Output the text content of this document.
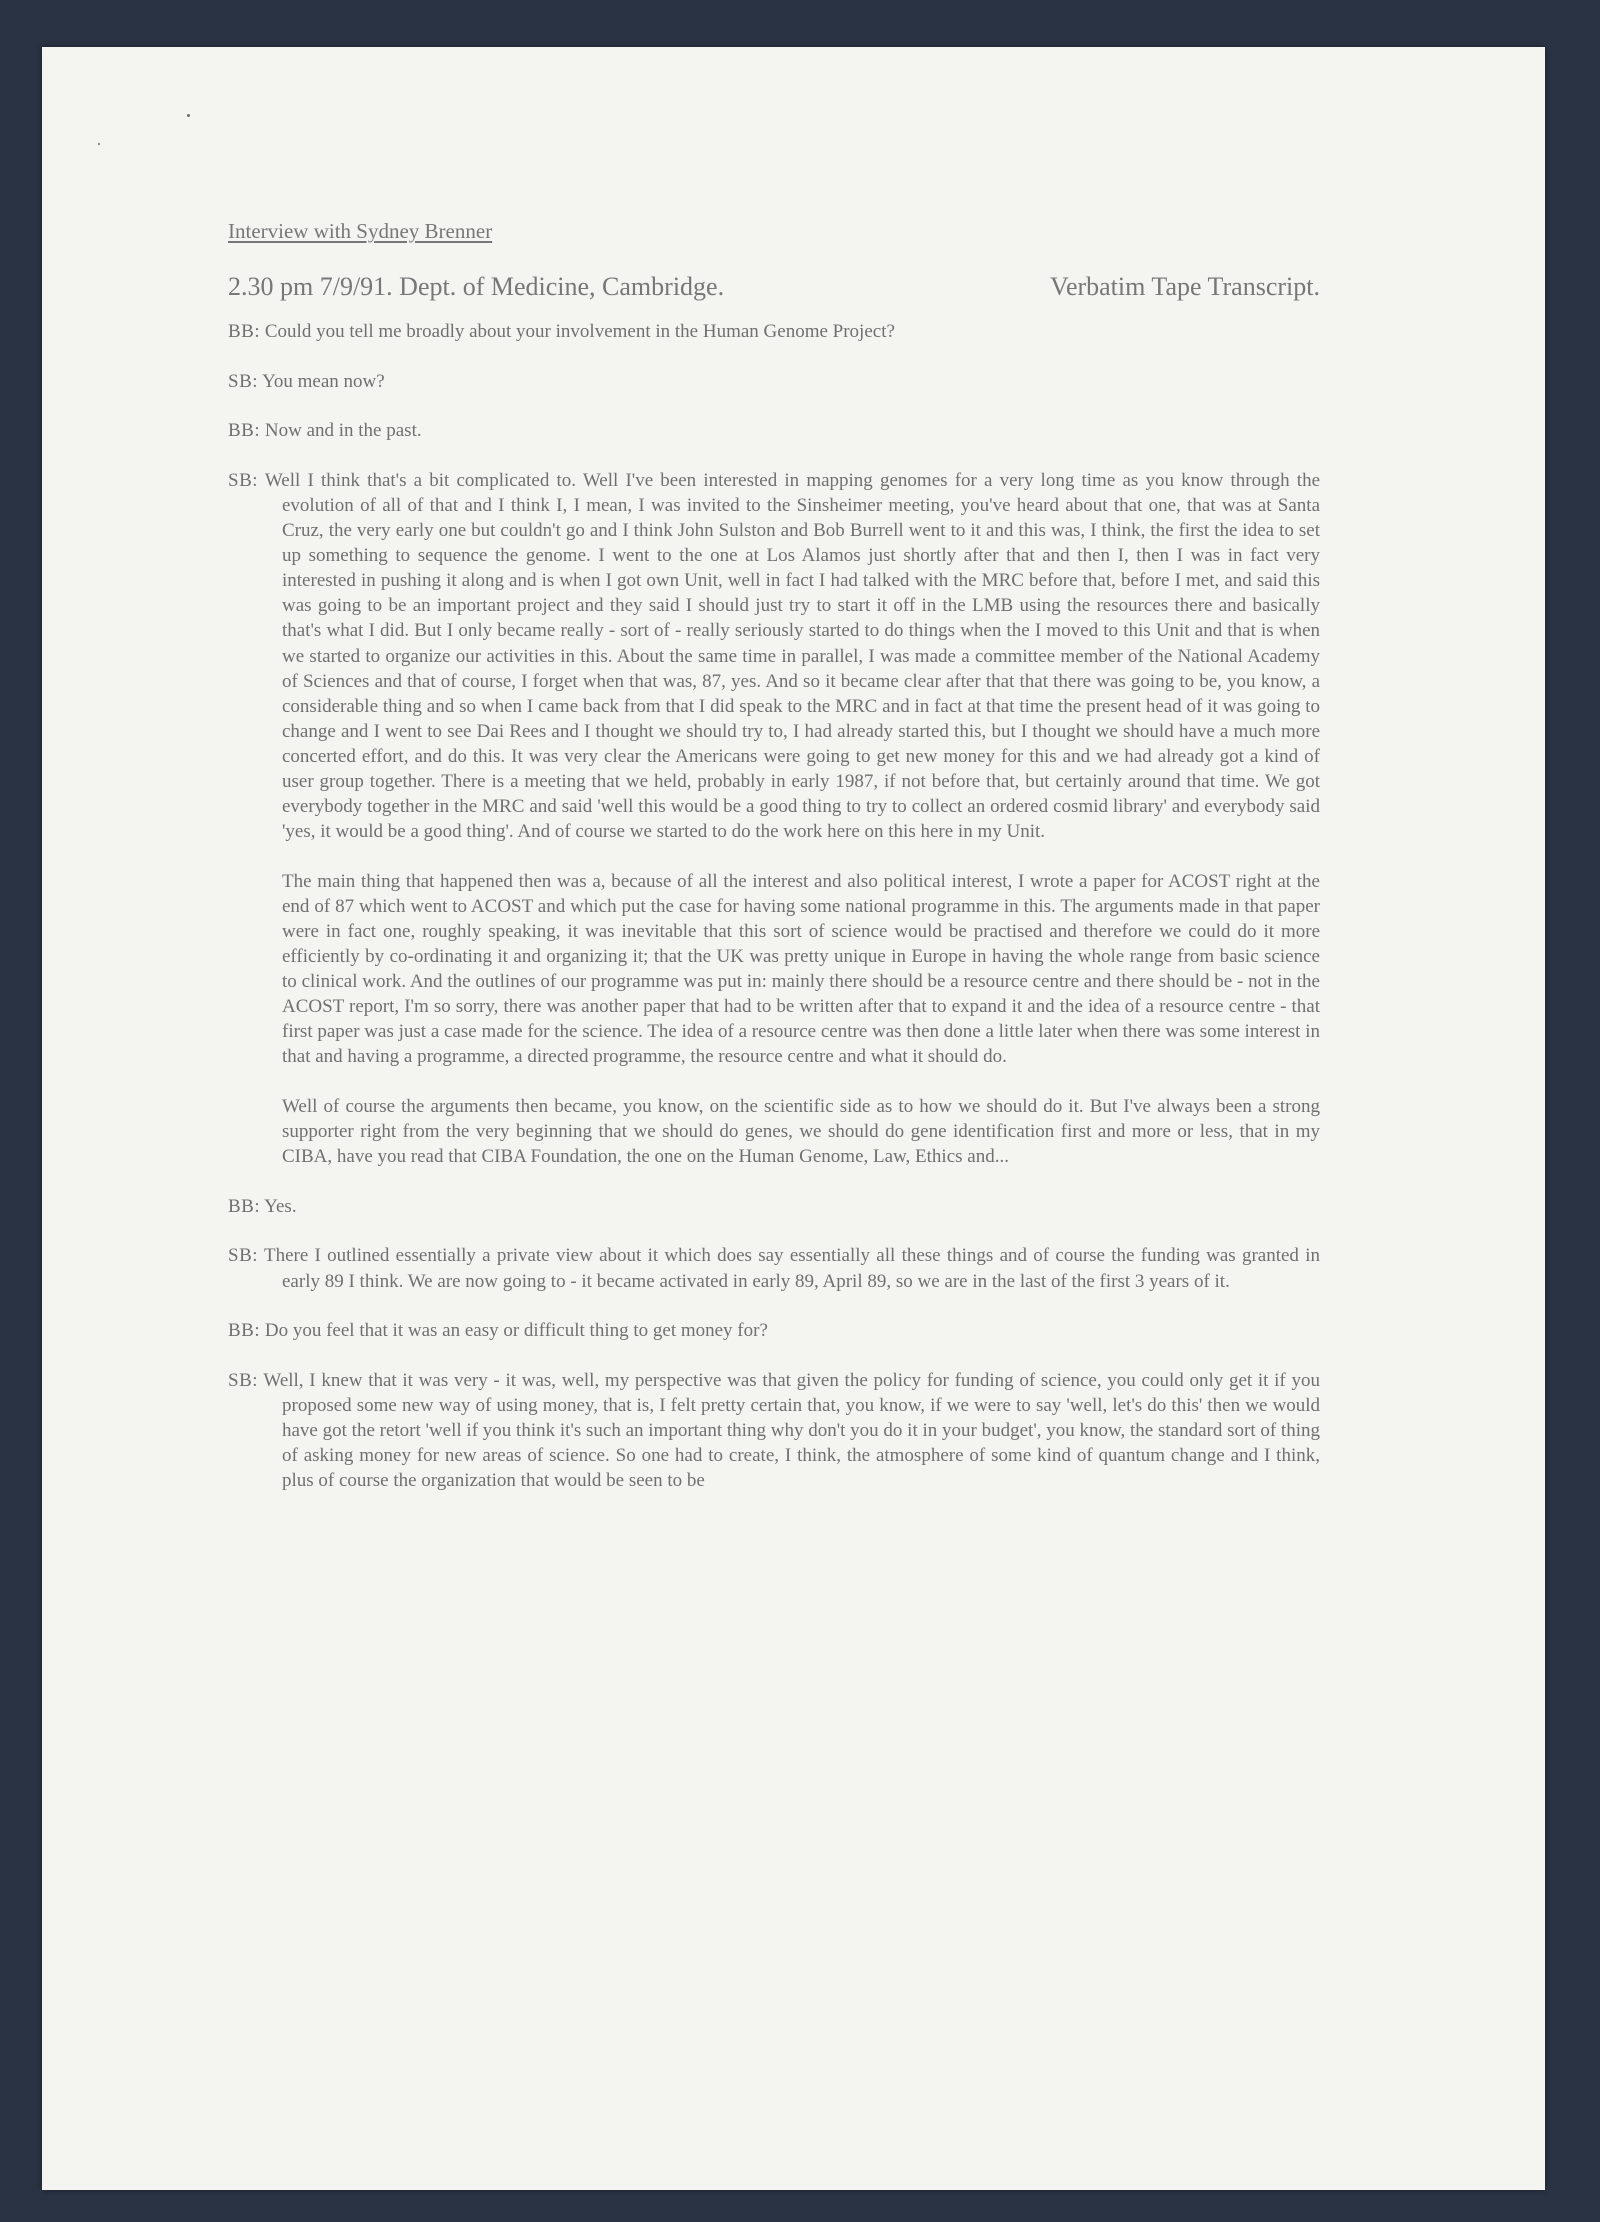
Interview with Sydney Brenner
2.30 pm 7/9/91. Dept. of Medicine, Cambridge.	Verbatim Tape Transcript.

BB: Could you tell me broadly about your involvement in the Human Genome Project?

SB: You mean now?

BB: Now and in the past.

SB: Well I think that's a bit complicated to. Well I've been interested in mapping genomes for a very long time as you know through the evolution of all of that and I think I, I mean, I was invited to the Sinsheimer meeting, you've heard about that one, that was at Santa Cruz, the very early one but couldn't go and I think John Sulston and Bob Burrell went to it and this was, I think, the first the idea to set up something to sequence the genome. I went to the one at Los Alamos just shortly after that and then I, then I was in fact very interested in pushing it along and is when I got own Unit, well in fact I had talked with the MRC before that, before I met, and said this was going to be an important project and they said I should just try to start it off in the LMB using the resources there and basically that's what I did. But I only became really - sort of - really seriously started to do things when the I moved to this Unit and that is when we started to organize our activities in this. About the same time in parallel, I was made a committee member of the National Academy of Sciences and that of course, I forget when that was, 87, yes. And so it became clear after that that there was going to be, you know, a considerable thing and so when I came back from that I did speak to the MRC and in fact at that time the present head of it was going to change and I went to see Dai Rees and I thought we should try to, I had already started this, but I thought we should have a much more concerted effort, and do this. It was very clear the Americans were going to get new money for this and we had already got a kind of user group together. There is a meeting that we held, probably in early 1987, if not before that, but certainly around that time. We got everybody together in the MRC and said 'well this would be a good thing to try to collect an ordered cosmid library' and everybody said 'yes, it would be a good thing'. And of course we started to do the work here on this here in my Unit.

The main thing that happened then was a, because of all the interest and also political interest, I wrote a paper for ACOST right at the end of 87 which went to ACOST and which put the case for having some national programme in this. The arguments made in that paper were in fact one, roughly speaking, it was inevitable that this sort of science would be practised and therefore we could do it more efficiently by co-ordinating it and organizing it; that the UK was pretty unique in Europe in having the whole range from basic science to clinical work. And the outlines of our programme was put in: mainly there should be a resource centre and there should be - not in the ACOST report, I'm so sorry, there was another paper that had to be written after that to expand it and the idea of a resource centre - that first paper was just a case made for the science. The idea of a resource centre was then done a little later when there was some interest in that and having a programme, a directed programme, the resource centre and what it should do.

Well of course the arguments then became, you know, on the scientific side as to how we should do it. But I've always been a strong supporter right from the very beginning that we should do genes, we should do gene identification first and more or less, that in my CIBA, have you read that CIBA Foundation, the one on the Human Genome, Law, Ethics and...

BB: Yes.

SB: There I outlined essentially a private view about it which does say essentially all these things and of course the funding was granted in early 89 I think. We are now going to - it became activated in early 89, April 89, so we are in the last of the first 3 years of it.

BB: Do you feel that it was an easy or difficult thing to get money for?

SB: Well, I knew that it was very - it was, well, my perspective was that given the policy for funding of science, you could only get it if you proposed some new way of using money, that is, I felt pretty certain that, you know, if we were to say 'well, let's do this' then we would have got the retort 'well if you think it's such an important thing why don't you do it in your budget', you know, the standard sort of thing of asking money for new areas of science. So one had to create, I think, the atmosphere of some kind of quantum change and I think, plus of course the organization that would be seen to be
